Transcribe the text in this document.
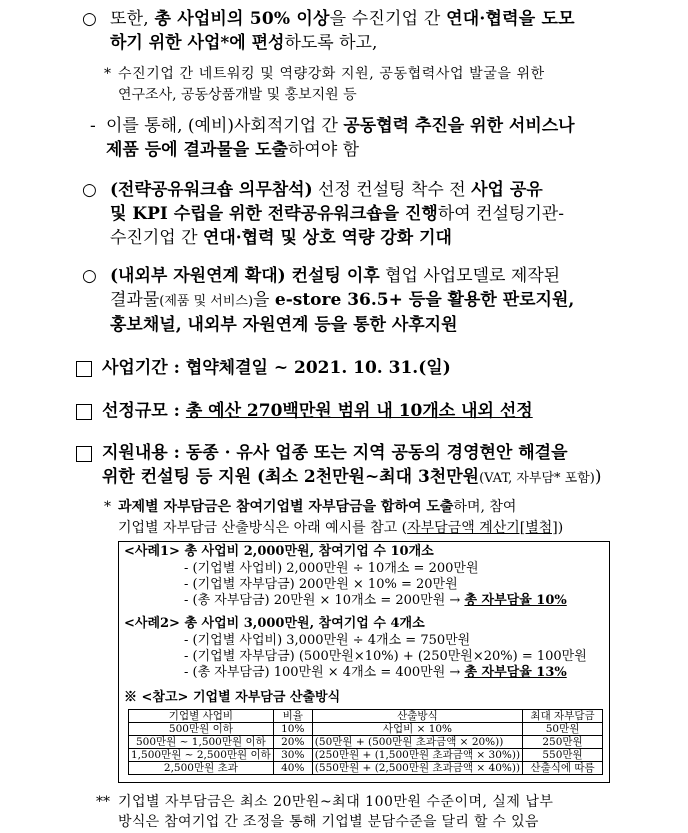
○ 또한, 총 사업비의 50% 이상을 수진기업 간 연대·협력을 도모
하기 위한 사업*에 편성하도록 하고,
* 수진기업 간 네트워킹 및 역량강화 지원, 공동협력사업 발굴을 위한
연구조사, 공동상품개발 및 홍보지원 등
- 이를 통해, (예비)사회적기업 간 공동협력 추진을 위한 서비스나
제품 등에 결과물을 도출하여야 함
○ (전략공유워크숍 의무참석) 선정 컨설팅 착수 전 사업 공유
및 KPI 수립을 위한 전략공유워크숍을 진행하여 컨설팅기관-
수진기업 간 연대·협력 및 상호 역량 강화 기대
○ (내외부 자원연계 확대) 컨설팅 이후 협업 사업모델로 제작된
결과물(제품 및 서비스)을 e-store 36.5+ 등을 활용한 판로지원,
홍보채널, 내외부 자원연계 등을 통한 사후지원
사업기간 : 협약체결일 ~ 2021. 10. 31.(일)
선정규모 : 총 예산 270백만원 범위 내 10개소 내외 선정
지원내용 : 동종 · 유사 업종 또는 지역 공동의 경영현안 해결을
위한 컨설팅 등 지원 (최소 2천만원~최대 3천만원(VAT, 자부담* 포함))
* 과제별 자부담금은 참여기업별 자부담금을 합하여 도출하며, 참여
기업별 자부담금 산출방식은 아래 예시를 참고 (자부담금액 계산기[별첨])
<사례1> 총 사업비 2,000만원, 참여기업 수 10개소
- (기업별 사업비) 2,000만원 ÷ 10개소 = 200만원
- (기업별 자부담금) 200만원 × 10% = 20만원
- (총 자부담금) 20만원 × 10개소 = 200만원 → 총 자부담율 10%
<사례2> 총 사업비 3,000만원, 참여기업 수 4개소
- (기업별 사업비) 3,000만원 ÷ 4개소 = 750만원
- (기업별 자부담금) (500만원×10%) + (250만원×20%) = 100만원
- (총 자부담금) 100만원 × 4개소 = 400만원 → 총 자부담율 13%
※ <참고> 기업별 자부담금 산출방식
기업별 사업비	비율	산출방식	최대 자부담금
500만원 이하	10%	사업비 × 10%	50만원
500만원 ~ 1,500만원 이하	20%	(50만원 + (500만원 초과금액 × 20%))	250만원
1,500만원 ~ 2,500만원 이하	30%	(250만원 + (1,500만원 초과금액 × 30%))	550만원
2,500만원 초과	40%	(550만원 + (2,500만원 초과금액 × 40%))	산출식에 따름
** 기업별 자부담금은 최소 20만원~최대 100만원 수준이며, 실제 납부
방식은 참여기업 간 조정을 통해 기업별 분담수준을 달리 할 수 있음
